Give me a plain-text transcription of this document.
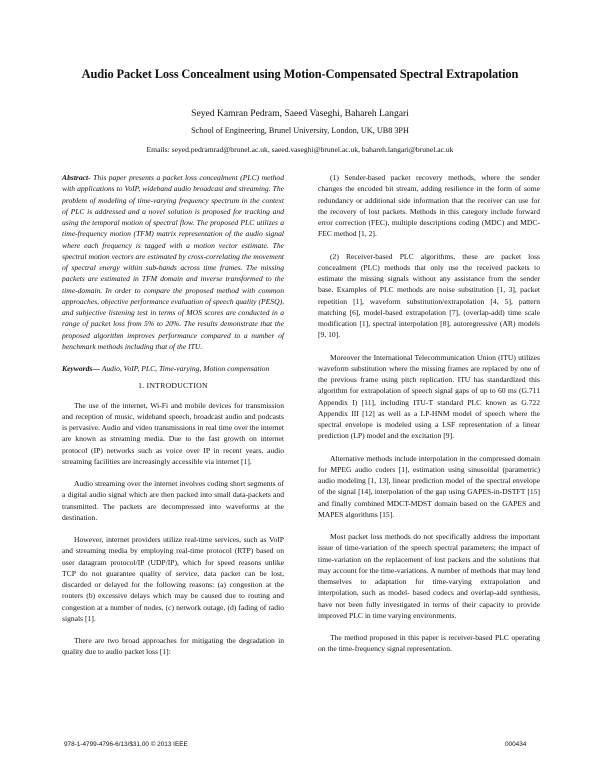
Audio Packet Loss Concealment using Motion-Compensated Spectral Extrapolation
Seyed Kamran Pedram, Saeed Vaseghi, Bahareh Langari
School of Engineering, Brunel University, London, UK, UB8 3PH
Emails: seyed.pedramrad@brunel.ac.uk, saeed.vaseghi@brunel.ac.uk, bahareh.langari@brunel.ac.uk

Abstract- This paper presents a packet loss concealment (PLC) method with applications to VoIP, wideband audio broadcast and streaming. The problem of modeling of time-varying frequency spectrum in the context of PLC is addressed and a novel solution is proposed for tracking and using the temporal motion of spectral flow. The proposed PLC utilizes a time-frequency motion (TFM) matrix representation of the audio signal where each frequency is tagged with a motion vector estimate. The spectral motion vectors are estimated by cross-correlating the movement of spectral energy within sub-bands across time frames. The missing packets are estimated in TFM domain and inverse transformed to the time-domain. In order to compare the proposed method with common approaches, objective performance evaluation of speech quality (PESQ), and subjective listening test in terms of MOS scores are conducted in a range of packet loss from 5% to 20%. The results demonstrate that the proposed algorithm improves performance compared to a number of benchmark methods including that of the ITU.

Keywords— Audio, VoIP, PLC, Time-varying, Motion compensation

1. INTRODUCTION

The use of the internet, Wi-Fi and mobile devices for transmission and reception of music, wideband speech, broadcast audio and podcasts is pervasive. Audio and video transmissions in real time over the internet are known as streaming media. Due to the fast growth on internet protocol (IP) networks such as voice over IP in recent years, audio streaming facilities are increasingly accessible via internet [1].

Audio streaming over the internet involves coding short segments of a digital audio signal which are then packed into small data-packets and transmitted. The packets are decompressed into waveforms at the destination.

However, internet providers utilize real-time services, such as VoIP and streaming media by employing real-time protocol (RTP) based on user datagram protocol/IP (UDP/IP), which for speed reasons unlike TCP do not guarantee quality of service, data packet can be lost, discarded or delayed for the following reasons: (a) congestion at the routers (b) excessive delays which may be caused due to routing and congestion at a number of nodes, (c) network outage, (d) fading of radio signals [1].

There are two broad approaches for mitigating the degradation in quality due to audio packet loss [1]:

(1) Sender-based packet recovery methods, where the sender changes the encoded bit stream, adding resilience in the form of some redundancy or additional side information that the receiver can use for the recovery of lost packets. Methods in this category include forward error correction (FEC), multiple descriptions coding (MDC) and MDC-FEC method [1, 2].

(2) Receiver-based PLC algorithms, these are packet loss concealment (PLC) methods that only use the received packets to estimate the missing signals without any assistance from the sender base. Examples of PLC methods are noise substitution [1, 3], packet repetition [1], waveform substitution/extrapolation [4, 5], pattern matching [6], model-based extrapolation [7], (overlap-add) time scale modification [1], spectral interpolation [8], autoregressive (AR) models [9, 10].

Moreover the International Telecommunication Union (ITU) utilizes waveform substitution where the missing frames are replaced by one of the previous frame using pitch replication. ITU has standardized this algorithm for extrapolation of speech signal gaps of up to 60 ms (G.711 Appendix I) [11], including ITU-T standard PLC known as G.722 Appendix III [12] as well as a LP-HNM model of speech where the spectral envelope is modeled using a LSF representation of a linear prediction (LP) model and the excitation [9].

Alternative methods include interpolation in the compressed domain for MPEG audio coders [1], estimation using sinusoidal (parametric) audio modeling [1, 13], linear prediction model of the spectral envelope of the signal [14], interpolation of the gap using GAPES-in-DSTFT [15] and finally combined MDCT-MDST domain based on the GAPES and MAPES algorithms [15].

Most packet loss methods do not specifically address the important issue of time-variation of the speech spectral parameters; the impact of time-variation on the replacement of lost packets and the solutions that may account for the time-variations. A number of methods that may lend themselves to adaptation for time-varying extrapolation and interpolation, such as model- based codecs and overlap-add synthesis, have not been fully investigated in terms of their capacity to provide improved PLC in time varying environments.

The method proposed in this paper is receiver-based PLC operating on the time-frequency signal representation.

978-1-4799-4796-6/13/$31.00 © 2013 IEEE	000434
